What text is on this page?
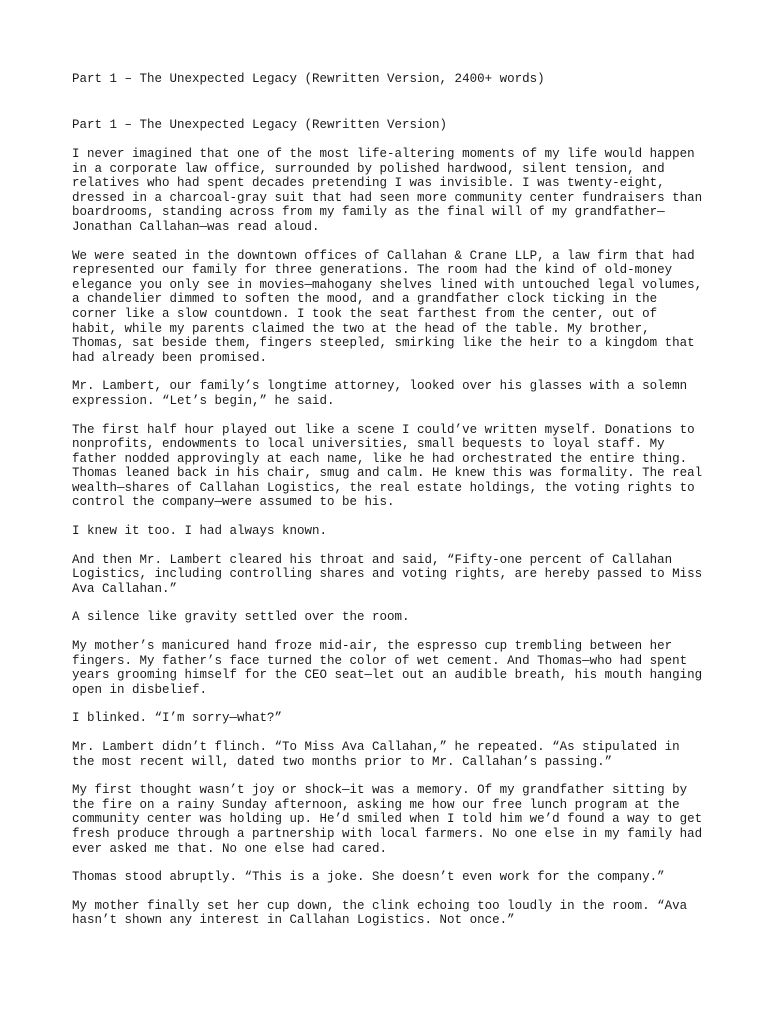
Part 1 – The Unexpected Legacy (Rewritten Version, 2400+ words)
Part 1 – The Unexpected Legacy (Rewritten Version)

I never imagined that one of the most life-altering moments of my life would happen in a corporate law office, surrounded by polished hardwood, silent tension, and relatives who had spent decades pretending I was invisible. I was twenty-eight, dressed in a charcoal-gray suit that had seen more community center fundraisers than boardrooms, standing across from my family as the final will of my grandfather—Jonathan Callahan—was read aloud.

We were seated in the downtown offices of Callahan & Crane LLP, a law firm that had represented our family for three generations. The room had the kind of old-money elegance you only see in movies—mahogany shelves lined with untouched legal volumes, a chandelier dimmed to soften the mood, and a grandfather clock ticking in the corner like a slow countdown. I took the seat farthest from the center, out of habit, while my parents claimed the two at the head of the table. My brother, Thomas, sat beside them, fingers steepled, smirking like the heir to a kingdom that had already been promised.

Mr. Lambert, our family’s longtime attorney, looked over his glasses with a solemn expression. “Let’s begin,” he said.

The first half hour played out like a scene I could’ve written myself. Donations to nonprofits, endowments to local universities, small bequests to loyal staff. My father nodded approvingly at each name, like he had orchestrated the entire thing. Thomas leaned back in his chair, smug and calm. He knew this was formality. The real wealth—shares of Callahan Logistics, the real estate holdings, the voting rights to control the company—were assumed to be his.

I knew it too. I had always known.

And then Mr. Lambert cleared his throat and said, “Fifty-one percent of Callahan Logistics, including controlling shares and voting rights, are hereby passed to Miss Ava Callahan.”

A silence like gravity settled over the room.

My mother’s manicured hand froze mid-air, the espresso cup trembling between her fingers. My father’s face turned the color of wet cement. And Thomas—who had spent years grooming himself for the CEO seat—let out an audible breath, his mouth hanging open in disbelief.

I blinked. “I’m sorry—what?”

Mr. Lambert didn’t flinch. “To Miss Ava Callahan,” he repeated. “As stipulated in the most recent will, dated two months prior to Mr. Callahan’s passing.”

My first thought wasn’t joy or shock—it was a memory. Of my grandfather sitting by the fire on a rainy Sunday afternoon, asking me how our free lunch program at the community center was holding up. He’d smiled when I told him we’d found a way to get fresh produce through a partnership with local farmers. No one else in my family had ever asked me that. No one else had cared.

Thomas stood abruptly. “This is a joke. She doesn’t even work for the company.”

My mother finally set her cup down, the clink echoing too loudly in the room. “Ava hasn’t shown any interest in Callahan Logistics. Not once.”
